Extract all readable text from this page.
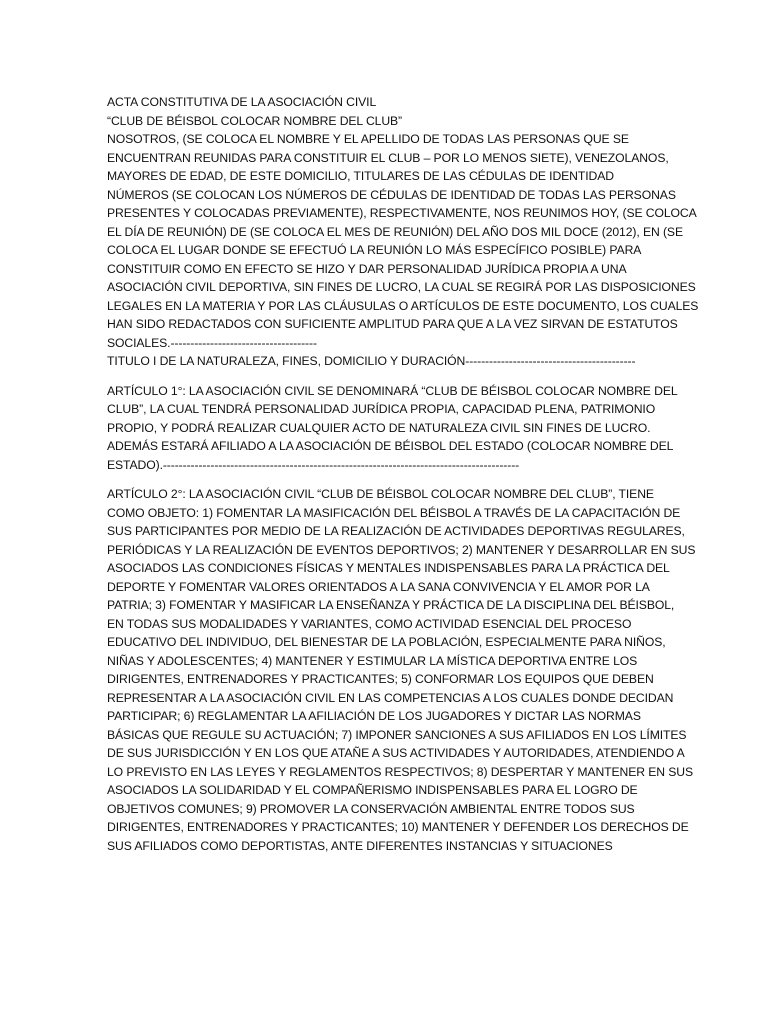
ACTA CONSTITUTIVA DE LA ASOCIACIÓN CIVIL

“CLUB DE BÉISBOL COLOCAR NOMBRE DEL CLUB”

NOSOTROS, (SE COLOCA EL NOMBRE Y EL APELLIDO DE TODAS LAS PERSONAS QUE SE

ENCUENTRAN REUNIDAS PARA CONSTITUIR EL CLUB – POR LO MENOS SIETE), VENEZOLANOS,

MAYORES DE EDAD, DE ESTE DOMICILIO, TITULARES DE LAS CÉDULAS DE IDENTIDAD

NÚMEROS (SE COLOCAN LOS NÚMEROS DE CÉDULAS DE IDENTIDAD DE TODAS LAS PERSONAS

PRESENTES Y COLOCADAS PREVIAMENTE), RESPECTIVAMENTE, NOS REUNIMOS HOY, (SE COLOCA

EL DÍA DE REUNIÓN) DE (SE COLOCA EL MES DE REUNIÓN) DEL AÑO DOS MIL DOCE (2012), EN (SE

COLOCA EL LUGAR DONDE SE EFECTUÓ LA REUNIÓN LO MÁS ESPECÍFICO POSIBLE) PARA

CONSTITUIR COMO EN EFECTO SE HIZO Y DAR PERSONALIDAD JURÍDICA PROPIA A UNA

ASOCIACIÓN CIVIL DEPORTIVA, SIN FINES DE LUCRO, LA CUAL SE REGIRÁ POR LAS DISPOSICIONES

LEGALES EN LA MATERIA Y POR LAS CLÁUSULAS O ARTÍCULOS DE ESTE DOCUMENTO, LOS CUALES

HAN SIDO REDACTADOS CON SUFICIENTE AMPLITUD PARA QUE A LA VEZ SIRVAN DE ESTATUTOS

SOCIALES.-------------------------------------

TITULO I DE LA NATURALEZA, FINES, DOMICILIO Y DURACIÓN-------------------------------------------

ARTÍCULO 1°: LA ASOCIACIÓN CIVIL SE DENOMINARÁ “CLUB DE BÉISBOL COLOCAR NOMBRE DEL

CLUB”, LA CUAL TENDRÁ PERSONALIDAD JURÍDICA PROPIA, CAPACIDAD PLENA, PATRIMONIO

PROPIO, Y PODRÁ REALIZAR CUALQUIER ACTO DE NATURALEZA CIVIL SIN FINES DE LUCRO.

ADEMÁS ESTARÁ AFILIADO A LA ASOCIACIÓN DE BÉISBOL DEL ESTADO (COLOCAR NOMBRE DEL

ESTADO).------------------------------------------------------------------------------------------

ARTÍCULO 2°: LA ASOCIACIÓN CIVIL “CLUB DE BÉISBOL COLOCAR NOMBRE DEL CLUB”, TIENE

COMO OBJETO: 1) FOMENTAR LA MASIFICACIÓN DEL BÉISBOL A TRAVÉS DE LA CAPACITACIÓN DE

SUS PARTICIPANTES POR MEDIO DE LA REALIZACIÓN DE ACTIVIDADES DEPORTIVAS REGULARES,

PERIÓDICAS Y LA REALIZACIÓN DE EVENTOS DEPORTIVOS; 2) MANTENER Y DESARROLLAR EN SUS

ASOCIADOS LAS CONDICIONES FÍSICAS Y MENTALES INDISPENSABLES PARA LA PRÁCTICA DEL

DEPORTE Y FOMENTAR VALORES ORIENTADOS A LA SANA CONVIVENCIA Y EL AMOR POR LA

PATRIA; 3) FOMENTAR Y MASIFICAR LA ENSEÑANZA Y PRÁCTICA DE LA DISCIPLINA DEL BÉISBOL,

EN TODAS SUS MODALIDADES Y VARIANTES, COMO ACTIVIDAD ESENCIAL DEL PROCESO

EDUCATIVO DEL INDIVIDUO, DEL BIENESTAR DE LA POBLACIÓN, ESPECIALMENTE PARA NIÑOS,

NIÑAS Y ADOLESCENTES; 4) MANTENER Y ESTIMULAR LA MÍSTICA DEPORTIVA ENTRE LOS

DIRIGENTES, ENTRENADORES Y PRACTICANTES; 5) CONFORMAR LOS EQUIPOS QUE DEBEN

REPRESENTAR A LA ASOCIACIÓN CIVIL EN LAS COMPETENCIAS A LOS CUALES DONDE DECIDAN

PARTICIPAR; 6) REGLAMENTAR LA AFILIACIÓN DE LOS JUGADORES Y DICTAR LAS NORMAS

BÁSICAS QUE REGULE SU ACTUACIÓN; 7) IMPONER SANCIONES A SUS AFILIADOS EN LOS LÍMITES

DE SUS JURISDICCIÓN Y EN LOS QUE ATAÑE A SUS ACTIVIDADES Y AUTORIDADES, ATENDIENDO A

LO PREVISTO EN LAS LEYES Y REGLAMENTOS RESPECTIVOS; 8) DESPERTAR Y MANTENER EN SUS

ASOCIADOS LA SOLIDARIDAD Y EL COMPAÑERISMO INDISPENSABLES PARA EL LOGRO DE

OBJETIVOS COMUNES; 9) PROMOVER LA CONSERVACIÓN AMBIENTAL ENTRE TODOS SUS

DIRIGENTES, ENTRENADORES Y PRACTICANTES; 10) MANTENER Y DEFENDER LOS DERECHOS DE

SUS AFILIADOS COMO DEPORTISTAS, ANTE DIFERENTES INSTANCIAS Y SITUACIONES
